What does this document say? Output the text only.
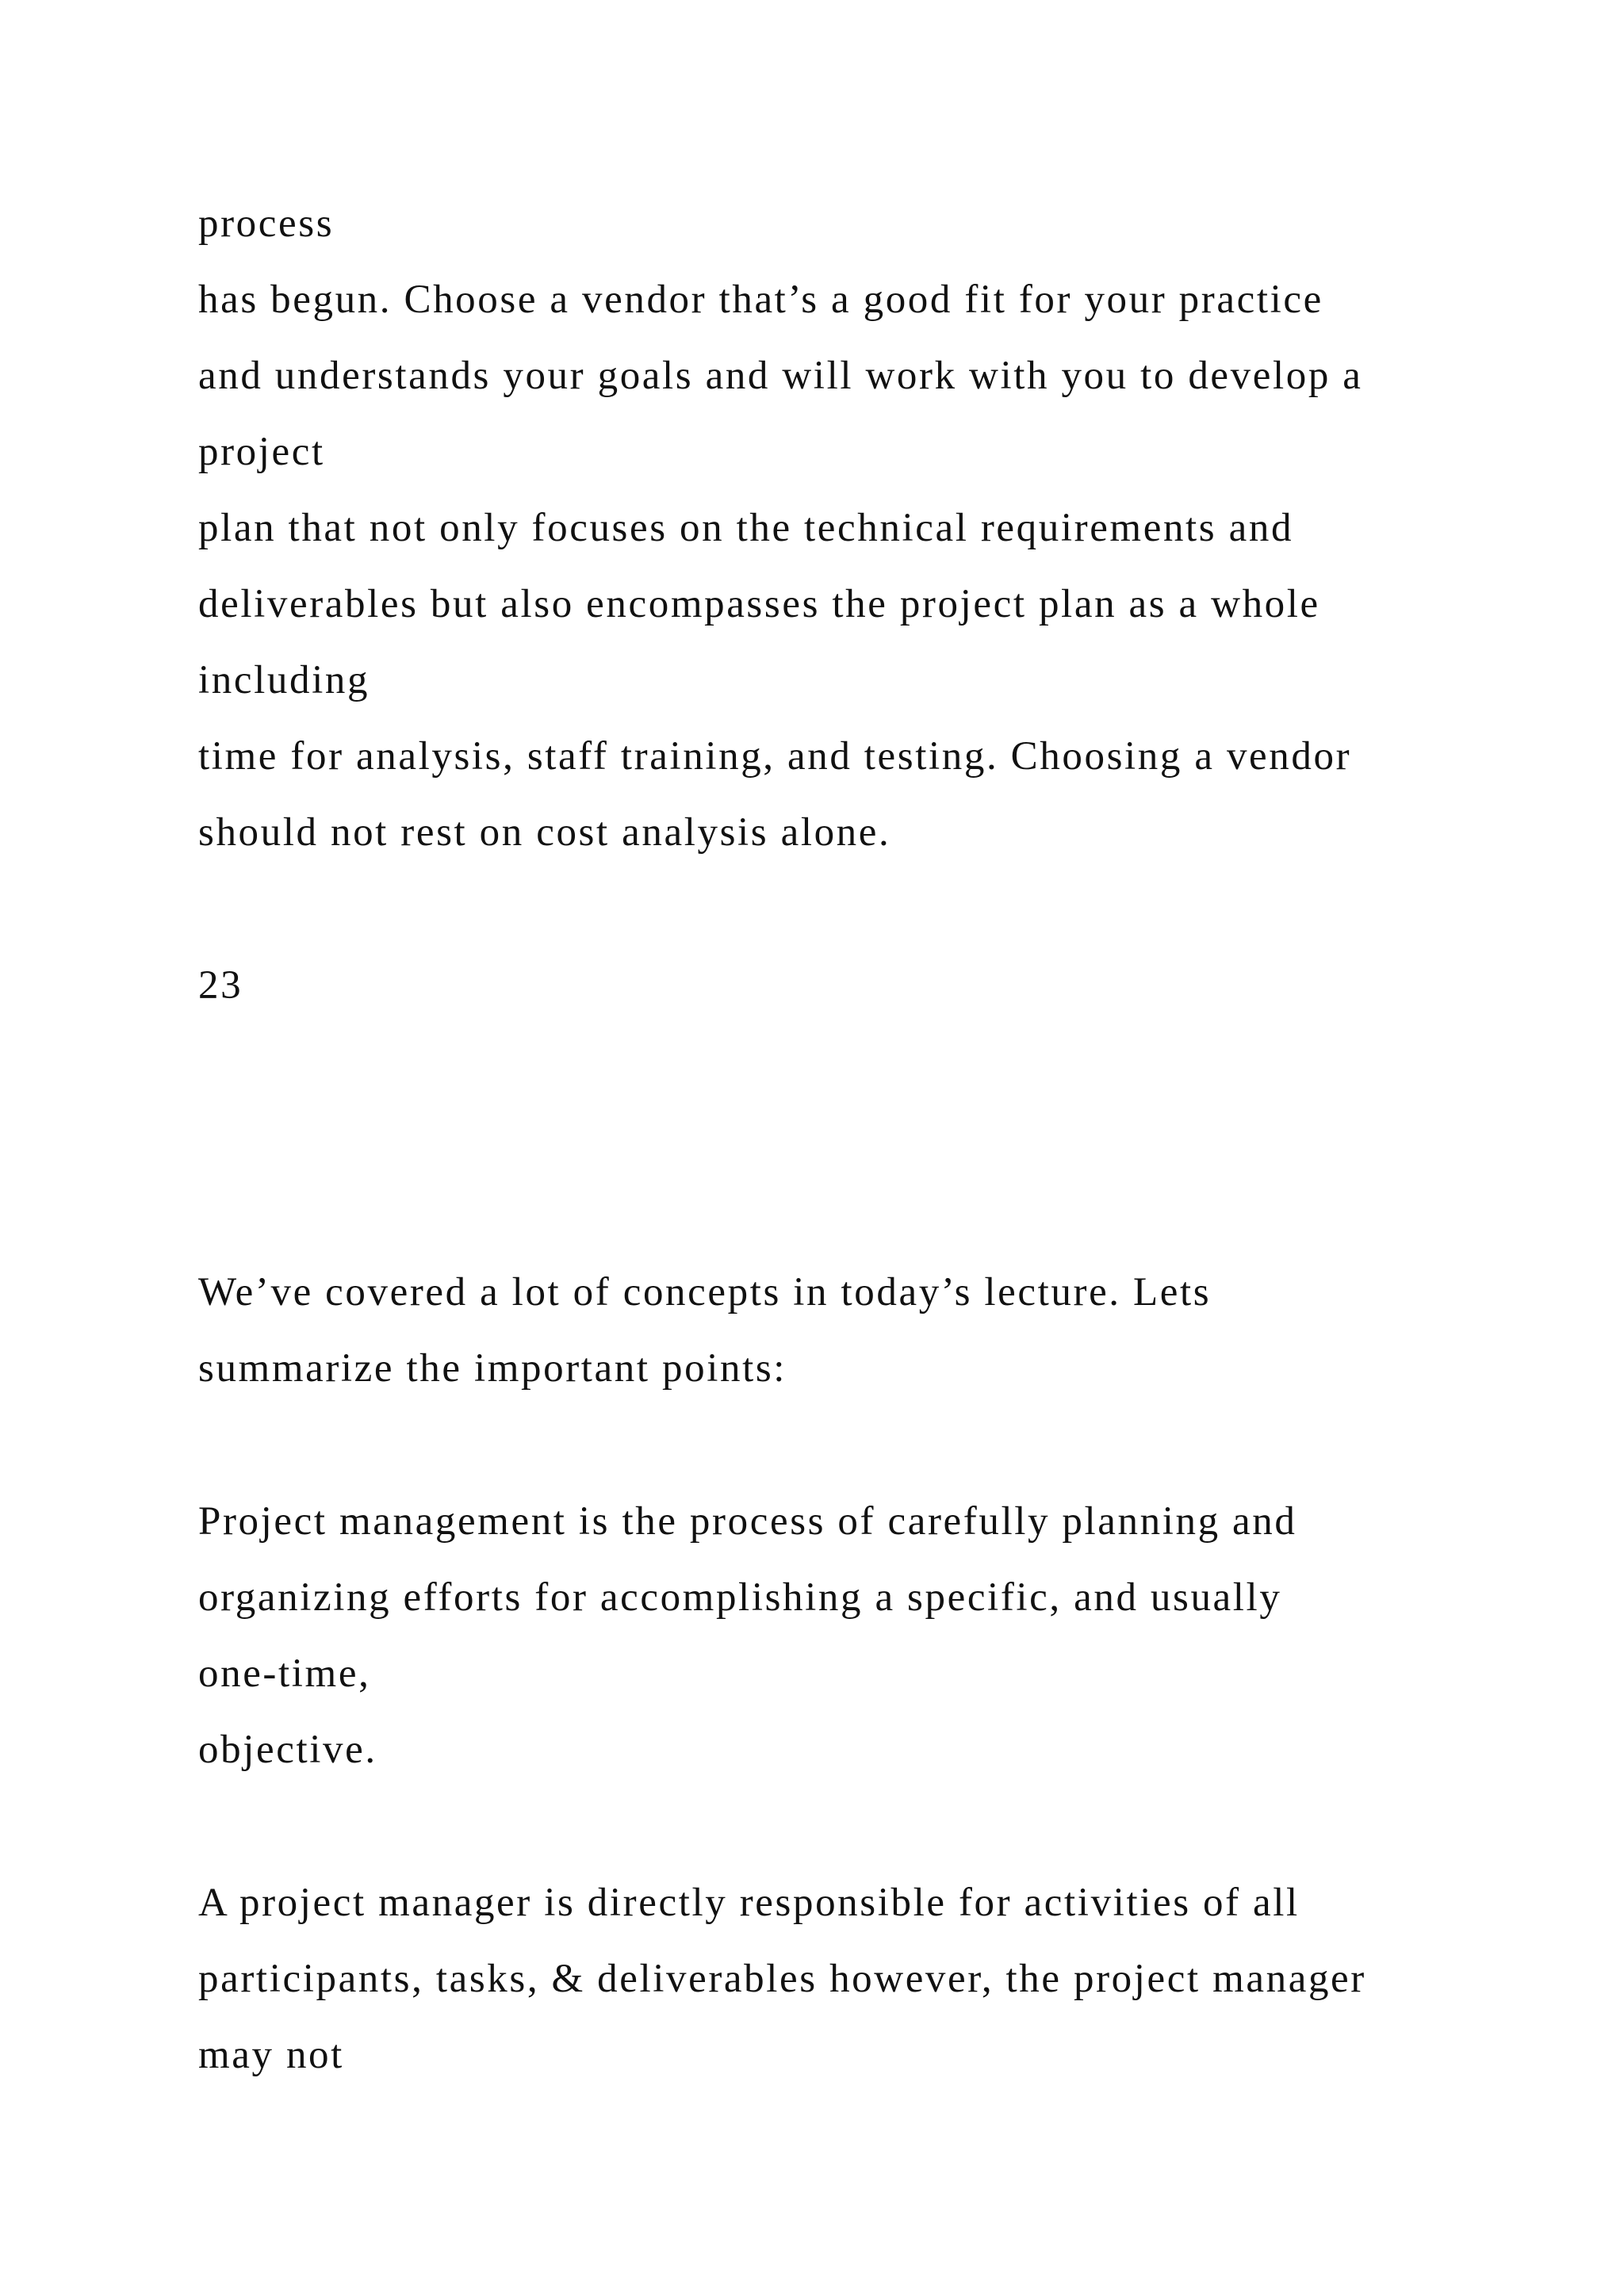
process

has begun. Choose a vendor that’s a good fit for your practice

and understands your goals and will work with you to develop a

project

plan that not only focuses on the technical requirements and

deliverables but also encompasses the project plan as a whole

including

time for analysis, staff training, and testing. Choosing a vendor

should not rest on cost analysis alone.

23

We’ve covered a lot of concepts in today’s lecture. Lets

summarize the important points:

Project management is the process of carefully planning and

organizing efforts for accomplishing a specific, and usually

one-time,

objective.

A project manager is directly responsible for activities of all

participants, tasks, & deliverables however, the project manager

may not
